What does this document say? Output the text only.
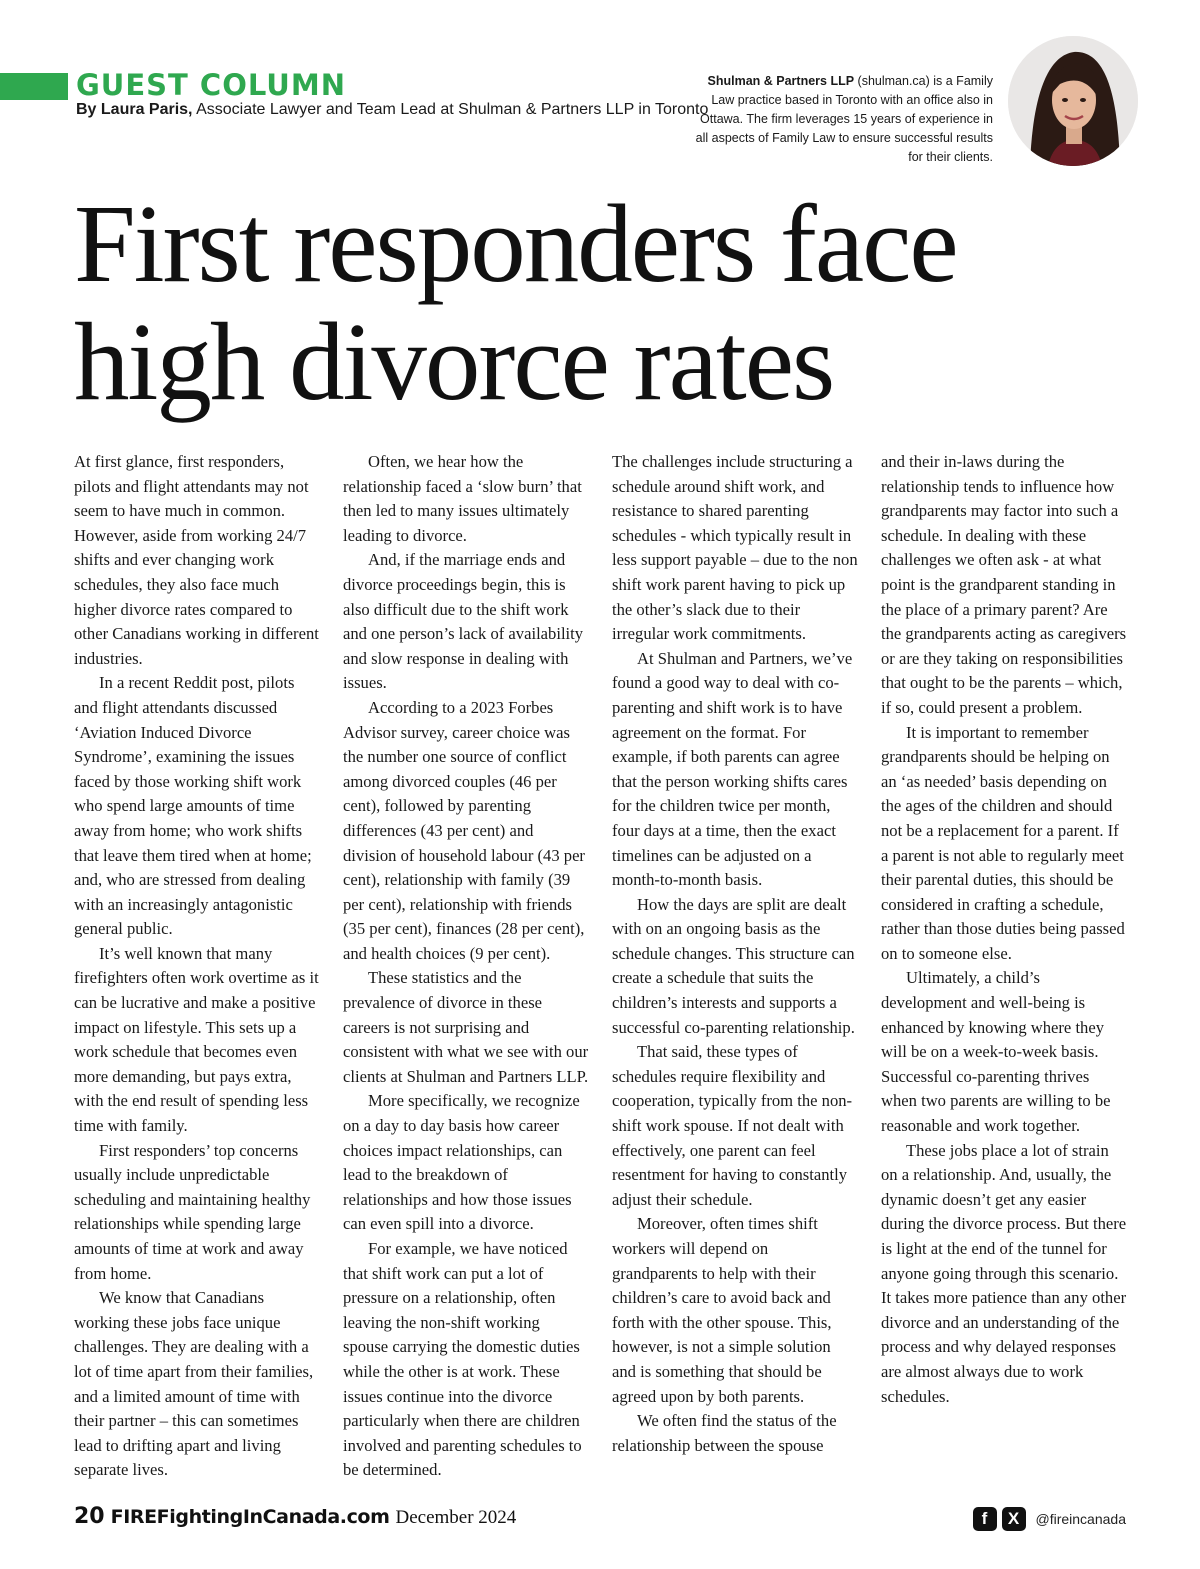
GUEST COLUMN
By Laura Paris, Associate Lawyer and Team Lead at Shulman & Partners LLP in Toronto
Shulman & Partners LLP (shulman.ca) is a Family Law practice based in Toronto with an office also in Ottawa. The firm leverages 15 years of experience in all aspects of Family Law to ensure successful results for their clients.
First responders face
high divorce rates

At first glance, first responders, pilots and flight attendants may not seem to have much in common. However, aside from working 24/7 shifts and ever changing work schedules, they also face much higher divorce rates compared to other Canadians working in different industries.

In a recent Reddit post, pilots and flight attendants discussed ‘Aviation Induced Divorce Syndrome’, examining the issues faced by those working shift work who spend large amounts of time away from home; who work shifts that leave them tired when at home; and, who are stressed from dealing with an increasingly antagonistic general public.

It’s well known that many firefighters often work overtime as it can be lucrative and make a positive impact on lifestyle. This sets up a work schedule that becomes even more demanding, but pays extra, with the end result of spending less time with family.

First responders’ top concerns usually include unpredictable scheduling and maintaining healthy relationships while spending large amounts of time at work and away from home.

We know that Canadians working these jobs face unique challenges. They are dealing with a lot of time apart from their families, and a limited amount of time with their partner – this can sometimes lead to drifting apart and living separate lives.

Often, we hear how the relationship faced a ‘slow burn’ that then led to many issues ultimately leading to divorce.

And, if the marriage ends and divorce proceedings begin, this is also difficult due to the shift work and one person’s lack of availability and slow response in dealing with issues.

According to a 2023 Forbes Advisor survey, career choice was the number one source of conflict among divorced couples (46 per cent), followed by parenting differences (43 per cent) and division of household labour (43 per cent), relationship with family (39 per cent), relationship with friends (35 per cent), finances (28 per cent), and health choices (9 per cent).

These statistics and the prevalence of divorce in these careers is not surprising and consistent with what we see with our clients at Shulman and Partners LLP.

More specifically, we recognize on a day to day basis how career choices impact relationships, can lead to the breakdown of relationships and how those issues can even spill into a divorce.

For example, we have noticed that shift work can put a lot of pressure on a relationship, often leaving the non-shift working spouse carrying the domestic duties while the other is at work. These issues continue into the divorce particularly when there are children involved and parenting schedules to be determined.

The challenges include structuring a schedule around shift work, and resistance to shared parenting schedules - which typically result in less support payable – due to the non shift work parent having to pick up the other’s slack due to their irregular work commitments.

At Shulman and Partners, we’ve found a good way to deal with co-parenting and shift work is to have agreement on the format. For example, if both parents can agree that the person working shifts cares for the children twice per month, four days at a time, then the exact timelines can be adjusted on a month-to-month basis.

How the days are split are dealt with on an ongoing basis as the schedule changes. This structure can create a schedule that suits the children’s interests and supports a successful co-parenting relationship.

That said, these types of schedules require flexibility and cooperation, typically from the non-shift work spouse. If not dealt with effectively, one parent can feel resentment for having to constantly adjust their schedule.

Moreover, often times shift workers will depend on grandparents to help with their children’s care to avoid back and forth with the other spouse. This, however, is not a simple solution and is something that should be agreed upon by both parents.

We often find the status of the relationship between the spouse

and their in-laws during the relationship tends to influence how grandparents may factor into such a schedule. In dealing with these challenges we often ask - at what point is the grandparent standing in the place of a primary parent? Are the grandparents acting as caregivers or are they taking on responsibilities that ought to be the parents – which, if so, could present a problem.

It is important to remember grandparents should be helping on an ‘as needed’ basis depending on the ages of the children and should not be a replacement for a parent. If a parent is not able to regularly meet their parental duties, this should be considered in crafting a schedule, rather than those duties being passed on to someone else.

Ultimately, a child’s development and well-being is enhanced by knowing where they will be on a week-to-week basis. Successful co-parenting thrives when two parents are willing to be reasonable and work together.

These jobs place a lot of strain on a relationship. And, usually, the dynamic doesn’t get any easier during the divorce process. But there is light at the end of the tunnel for anyone going through this scenario. It takes more patience than any other divorce and an understanding of the process and why delayed responses are almost always due to work schedules.

20 FIREFightingInCanada.com December 2024	f	X	@fireincanada
